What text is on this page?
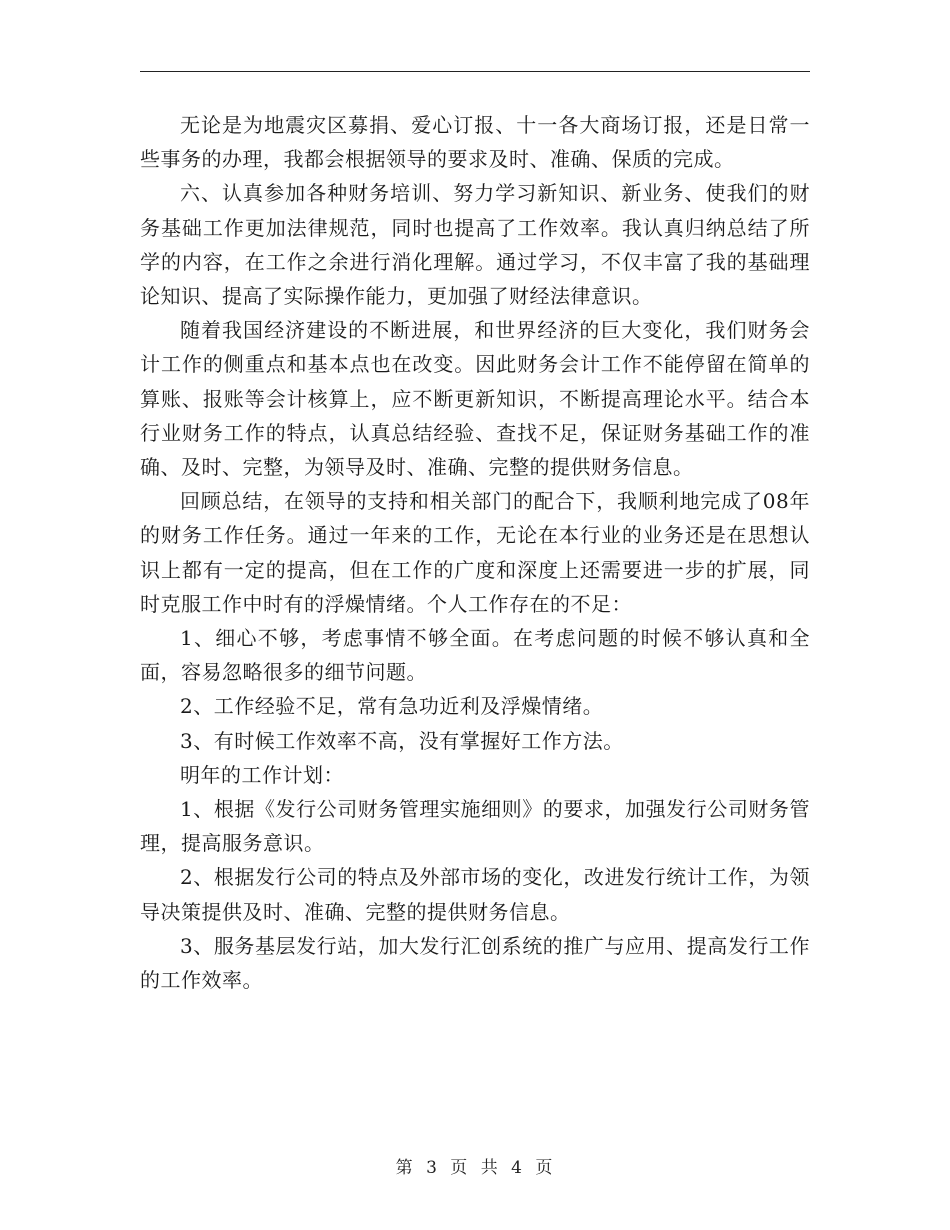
无论是为地震灾区募捐、爱心订报、十一各大商场订报，还是日常一些事务的办理，我都会根据领导的要求及时、准确、保质的完成。

六、认真参加各种财务培训、努力学习新知识、新业务、使我们的财务基础工作更加法律规范，同时也提高了工作效率。我认真归纳总结了所学的内容，在工作之余进行消化理解。通过学习，不仅丰富了我的基础理论知识、提高了实际操作能力，更加强了财经法律意识。

随着我国经济建设的不断进展，和世界经济的巨大变化，我们财务会计工作的侧重点和基本点也在改变。因此财务会计工作不能停留在简单的算账、报账等会计核算上，应不断更新知识，不断提高理论水平。结合本行业财务工作的特点，认真总结经验、查找不足，保证财务基础工作的准确、及时、完整，为领导及时、准确、完整的提供财务信息。

回顾总结，在领导的支持和相关部门的配合下，我顺利地完成了08年的财务工作任务。通过一年来的工作，无论在本行业的业务还是在思想认识上都有一定的提高，但在工作的广度和深度上还需要进一步的扩展，同时克服工作中时有的浮燥情绪。个人工作存在的不足：

1、细心不够，考虑事情不够全面。在考虑问题的时候不够认真和全面，容易忽略很多的细节问题。

2、工作经验不足，常有急功近利及浮燥情绪。

3、有时候工作效率不高，没有掌握好工作方法。

明年的工作计划：

1、根据《发行公司财务管理实施细则》的要求，加强发行公司财务管理，提高服务意识。

2、根据发行公司的特点及外部市场的变化，改进发行统计工作，为领导决策提供及时、准确、完整的提供财务信息。

3、服务基层发行站，加大发行汇创系统的推广与应用、提高发行工作的工作效率。

第 3 页 共 4 页
